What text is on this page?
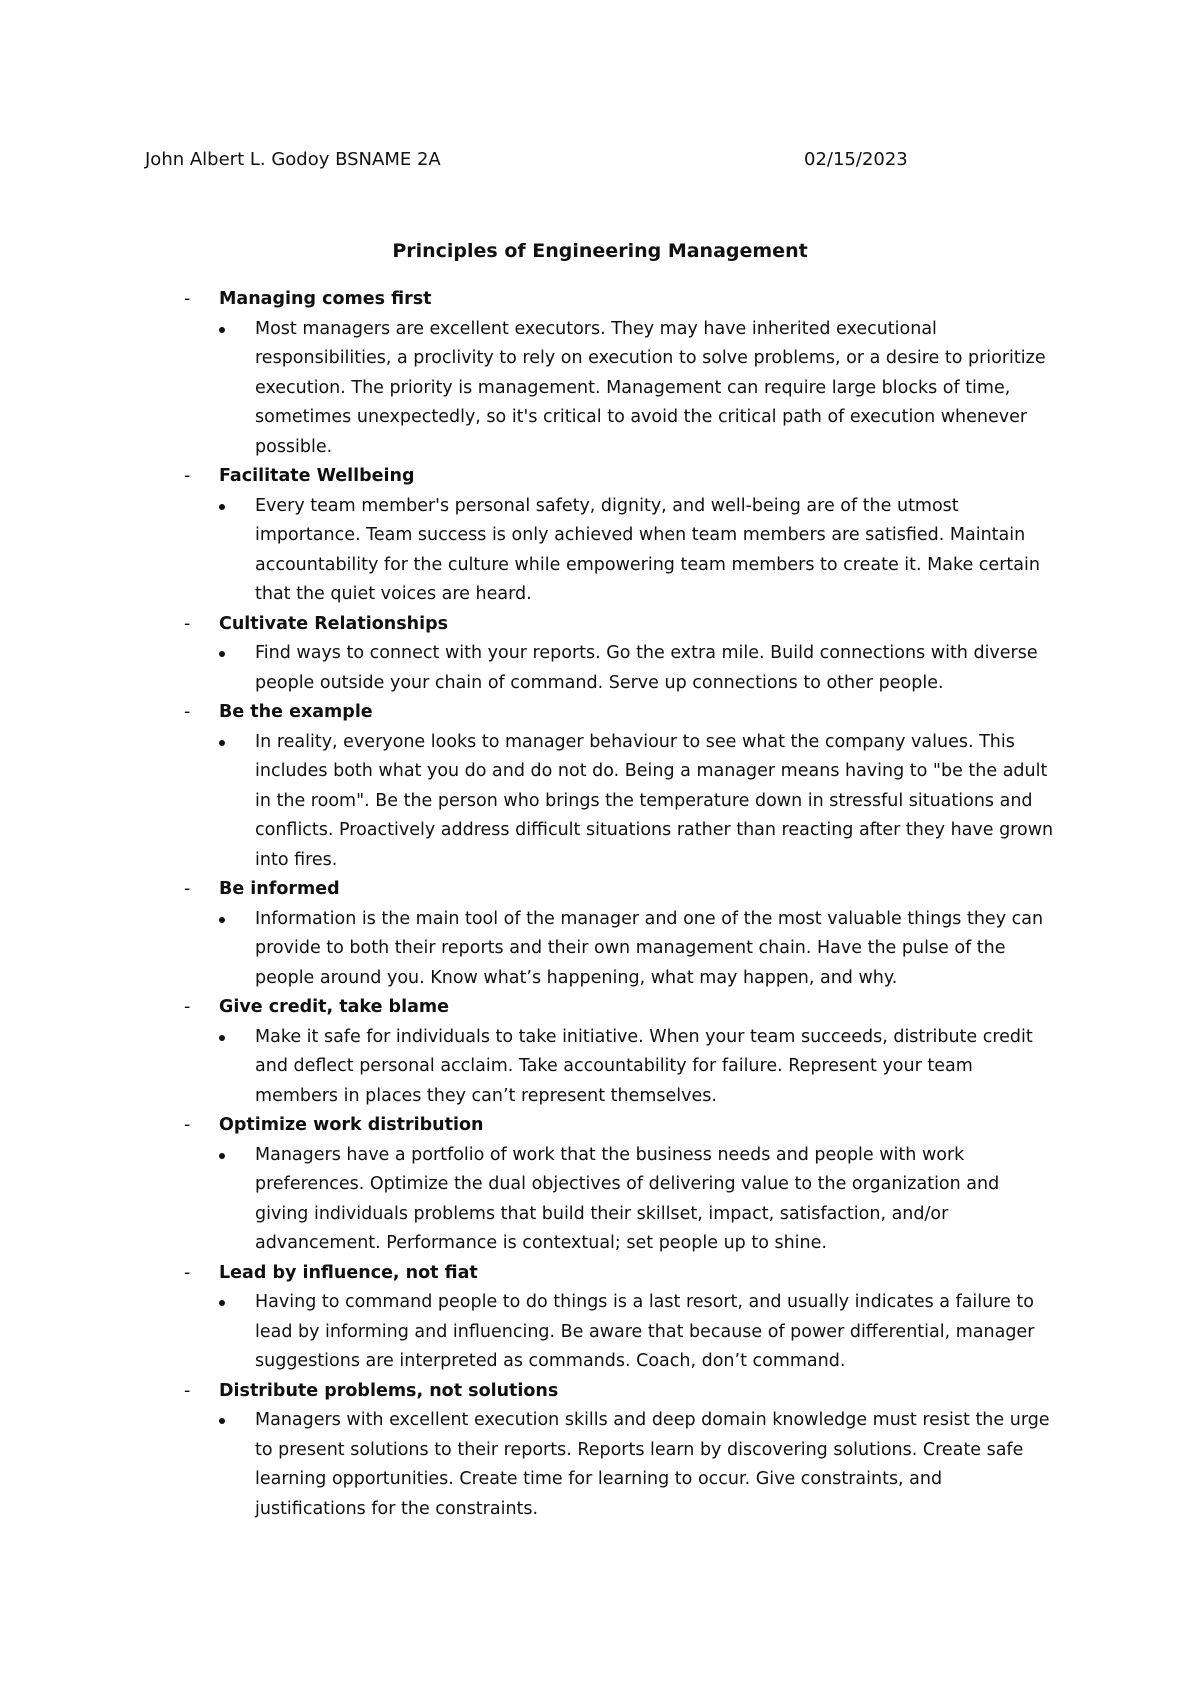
John Albert L. Godoy BSNAME 2A	02/15/2023
Principles of Engineering Management

- Managing comes first

Most managers are excellent executors. They may have inherited executional responsibilities, a proclivity to rely on execution to solve problems, or a desire to prioritize execution. The priority is management. Management can require large blocks of time, sometimes unexpectedly, so it's critical to avoid the critical path of execution whenever possible.

- Facilitate Wellbeing

Every team member's personal safety, dignity, and well-being are of the utmost importance. Team success is only achieved when team members are satisfied. Maintain accountability for the culture while empowering team members to create it. Make certain that the quiet voices are heard.

- Cultivate Relationships

Find ways to connect with your reports. Go the extra mile. Build connections with diverse people outside your chain of command. Serve up connections to other people.

- Be the example

In reality, everyone looks to manager behaviour to see what the company values. This includes both what you do and do not do. Being a manager means having to "be the adult in the room". Be the person who brings the temperature down in stressful situations and conflicts. Proactively address difficult situations rather than reacting after they have grown into fires.

- Be informed

Information is the main tool of the manager and one of the most valuable things they can provide to both their reports and their own management chain. Have the pulse of the people around you. Know what’s happening, what may happen, and why.

- Give credit, take blame

Make it safe for individuals to take initiative. When your team succeeds, distribute credit and deflect personal acclaim. Take accountability for failure. Represent your team members in places they can’t represent themselves.

- Optimize work distribution

Managers have a portfolio of work that the business needs and people with work preferences. Optimize the dual objectives of delivering value to the organization and giving individuals problems that build their skillset, impact, satisfaction, and/or advancement. Performance is contextual; set people up to shine.

- Lead by influence, not fiat

Having to command people to do things is a last resort, and usually indicates a failure to lead by informing and influencing. Be aware that because of power differential, manager suggestions are interpreted as commands. Coach, don’t command.

- Distribute problems, not solutions

Managers with excellent execution skills and deep domain knowledge must resist the urge to present solutions to their reports. Reports learn by discovering solutions. Create safe learning opportunities. Create time for learning to occur. Give constraints, and justifications for the constraints.
